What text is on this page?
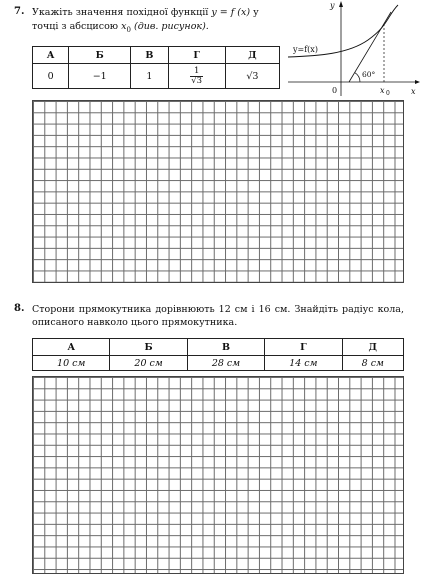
7. Укажіть значення похідної функції y = f (x) у точці з абсцисою $x_0$ (див. рисунок).
А	Б	В	Г	Д
0	−1	1	$\frac{1}{√3}$	√3
y=f(x)
y
x
0	x 0
60°
8. Сторони прямокутника дорівнюють 12 см і 16 см. Знайдіть радіус кола, описаного навколо цього прямокутника.
А	Б	В	Г	Д
10 см	20 см	28 см	14 см	8 см
